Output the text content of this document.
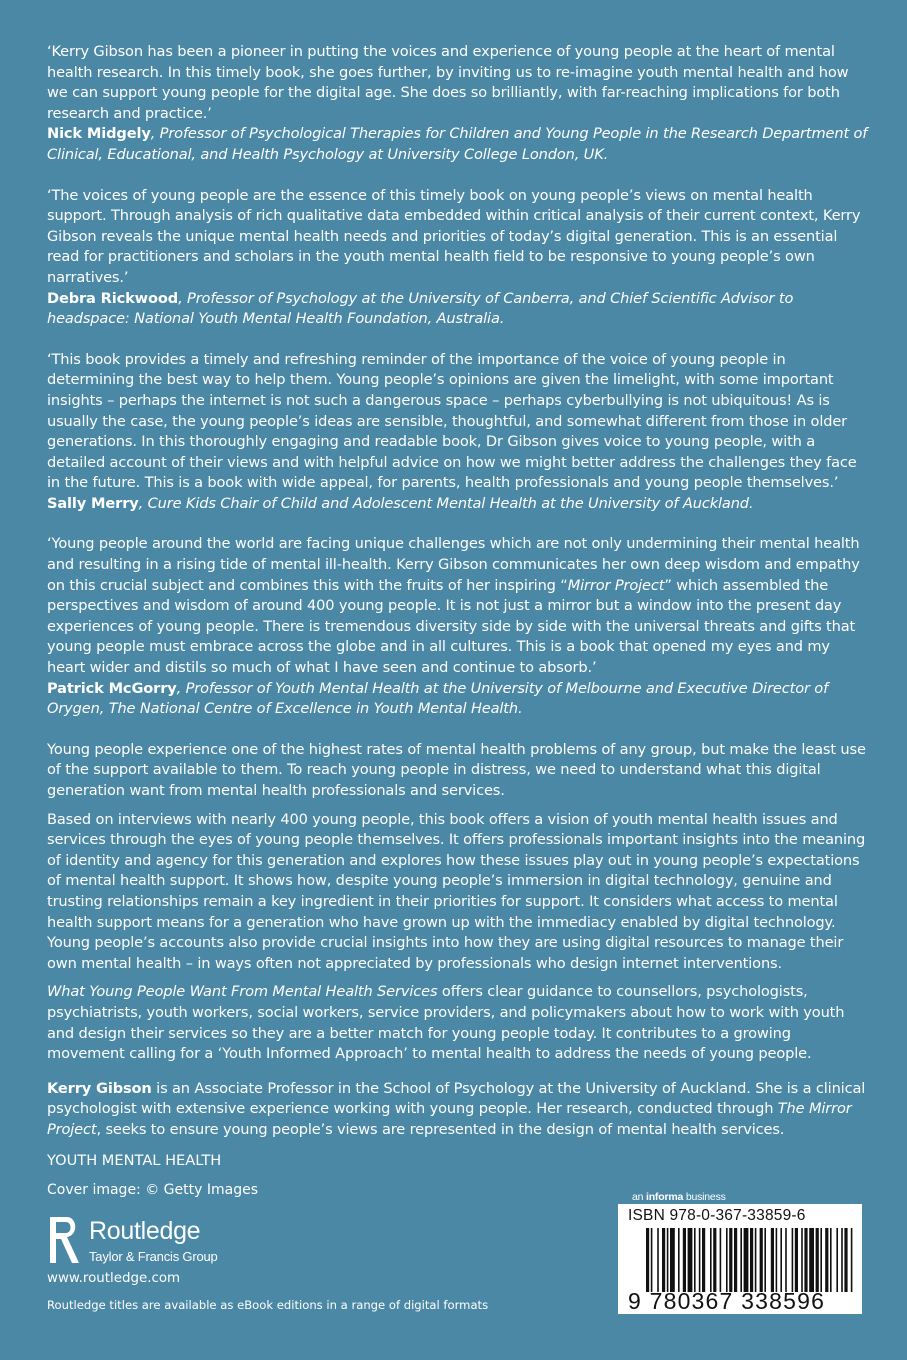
‘Kerry Gibson has been a pioneer in putting the voices and experience of young people at the heart of mental health research. In this timely book, she goes further, by inviting us to re-imagine youth mental health and how we can support young people for the digital age. She does so brilliantly, with far-reaching implications for both research and practice.’

Nick Midgely, Professor of Psychological Therapies for Children and Young People in the Research Department of Clinical, Educational, and Health Psychology at University College London, UK.

‘The voices of young people are the essence of this timely book on young people’s views on mental health support. Through analysis of rich qualitative data embedded within critical analysis of their current context, Kerry Gibson reveals the unique mental health needs and priorities of today’s digital generation. This is an essential read for practitioners and scholars in the youth mental health field to be responsive to young people’s own narratives.’

Debra Rickwood, Professor of Psychology at the University of Canberra, and Chief Scientific Advisor to headspace: National Youth Mental Health Foundation, Australia.

‘This book provides a timely and refreshing reminder of the importance of the voice of young people in determining the best way to help them. Young people’s opinions are given the limelight, with some important insights – perhaps the internet is not such a dangerous space – perhaps cyberbullying is not ubiquitous! As is usually the case, the young people’s ideas are sensible, thoughtful, and somewhat different from those in older generations. In this thoroughly engaging and readable book, Dr Gibson gives voice to young people, with a detailed account of their views and with helpful advice on how we might better address the challenges they face in the future. This is a book with wide appeal, for parents, health professionals and young people themselves.’

Sally Merry, Cure Kids Chair of Child and Adolescent Mental Health at the University of Auckland.

‘Young people around the world are facing unique challenges which are not only undermining their mental health and resulting in a rising tide of mental ill-health. Kerry Gibson communicates her own deep wisdom and empathy on this crucial subject and combines this with the fruits of her inspiring “Mirror Project” which assembled the perspectives and wisdom of around 400 young people. It is not just a mirror but a window into the present day experiences of young people. There is tremendous diversity side by side with the universal threats and gifts that young people must embrace across the globe and in all cultures. This is a book that opened my eyes and my heart wider and distils so much of what I have seen and continue to absorb.’

Patrick McGorry, Professor of Youth Mental Health at the University of Melbourne and Executive Director of Orygen, The National Centre of Excellence in Youth Mental Health.

Young people experience one of the highest rates of mental health problems of any group, but make the least use of the support available to them. To reach young people in distress, we need to understand what this digital generation want from mental health professionals and services.

Based on interviews with nearly 400 young people, this book offers a vision of youth mental health issues and services through the eyes of young people themselves. It offers professionals important insights into the meaning of identity and agency for this generation and explores how these issues play out in young people’s expectations of mental health support. It shows how, despite young people’s immersion in digital technology, genuine and trusting relationships remain a key ingredient in their priorities for support. It considers what access to mental health support means for a generation who have grown up with the immediacy enabled by digital technology. Young people’s accounts also provide crucial insights into how they are using digital resources to manage their own mental health – in ways often not appreciated by professionals who design internet interventions.

What Young People Want From Mental Health Services offers clear guidance to counsellors, psychologists, psychiatrists, youth workers, social workers, service providers, and policymakers about how to work with youth and design their services so they are a better match for young people today. It contributes to a growing movement calling for a ‘Youth Informed Approach’ to mental health to address the needs of young people.

Kerry Gibson is an Associate Professor in the School of Psychology at the University of Auckland. She is a clinical psychologist with extensive experience working with young people. Her research, conducted through The Mirror Project, seeks to ensure young people’s views are represented in the design of mental health services.

YOUTH MENTAL HEALTH
Cover image: © Getty Images
R
Routledge
Taylor & Francis Group
www.routledge.com
Routledge titles are available as eBook editions in a range of digital formats
an informa business
ISBN 978-0-367-33859-6
9 780367 338596
